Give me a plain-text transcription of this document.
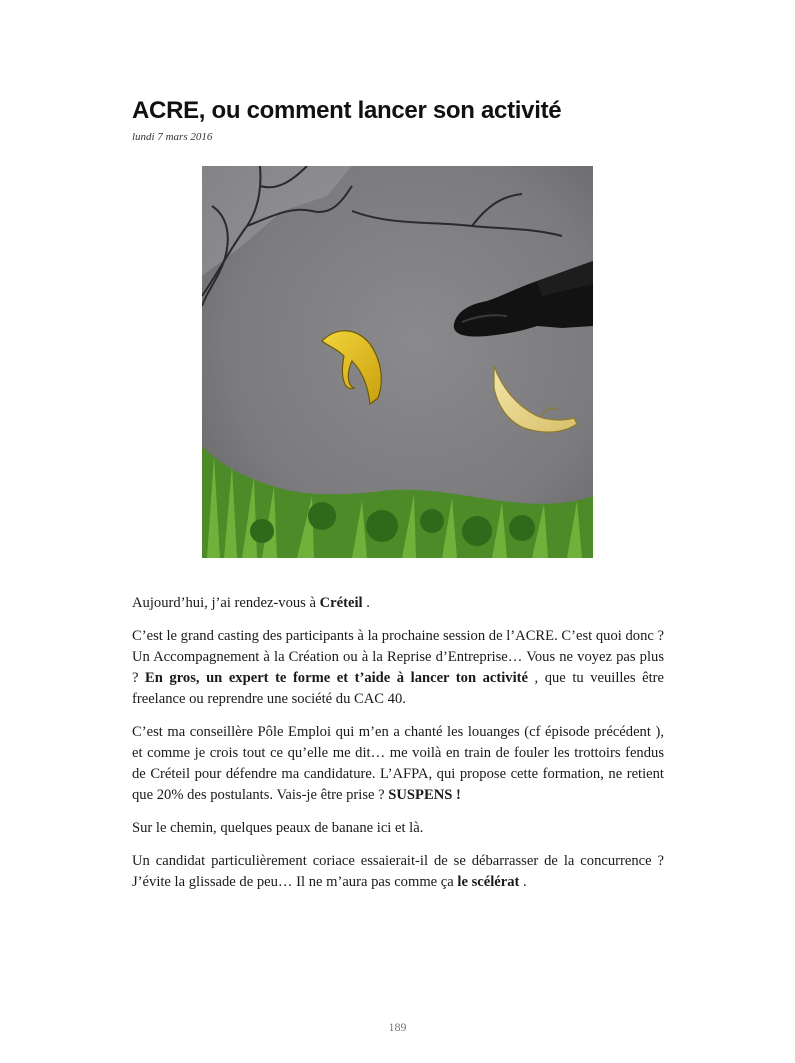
ACRE, ou comment lancer son activité
lundi 7 mars 2016

Aujourd’hui, j’ai rendez-vous à Créteil .

C’est le grand casting des participants à la prochaine session de l’ACRE. C’est quoi donc ? Un Accompagnement à la Création ou à la Reprise d’Entreprise… Vous ne voyez pas plus ? En gros, un expert te forme et t’aide à lancer ton activité , que tu veuilles être freelance ou reprendre une société du CAC 40.

C’est ma conseillère Pôle Emploi qui m’en a chanté les louanges (cf épisode précédent ), et comme je crois tout ce qu’elle me dit… me voilà en train de fouler les trottoirs fendus de Créteil pour défendre ma candidature. L’AFPA, qui propose cette formation, ne retient que 20% des postulants. Vais-je être prise ? SUSPENS !

Sur le chemin, quelques peaux de banane ici et là.

Un candidat particulièrement coriace essaierait-il de se débarrasser de la concurrence ? J’évite la glissade de peu… Il ne m’aura pas comme ça le scélérat .

189
